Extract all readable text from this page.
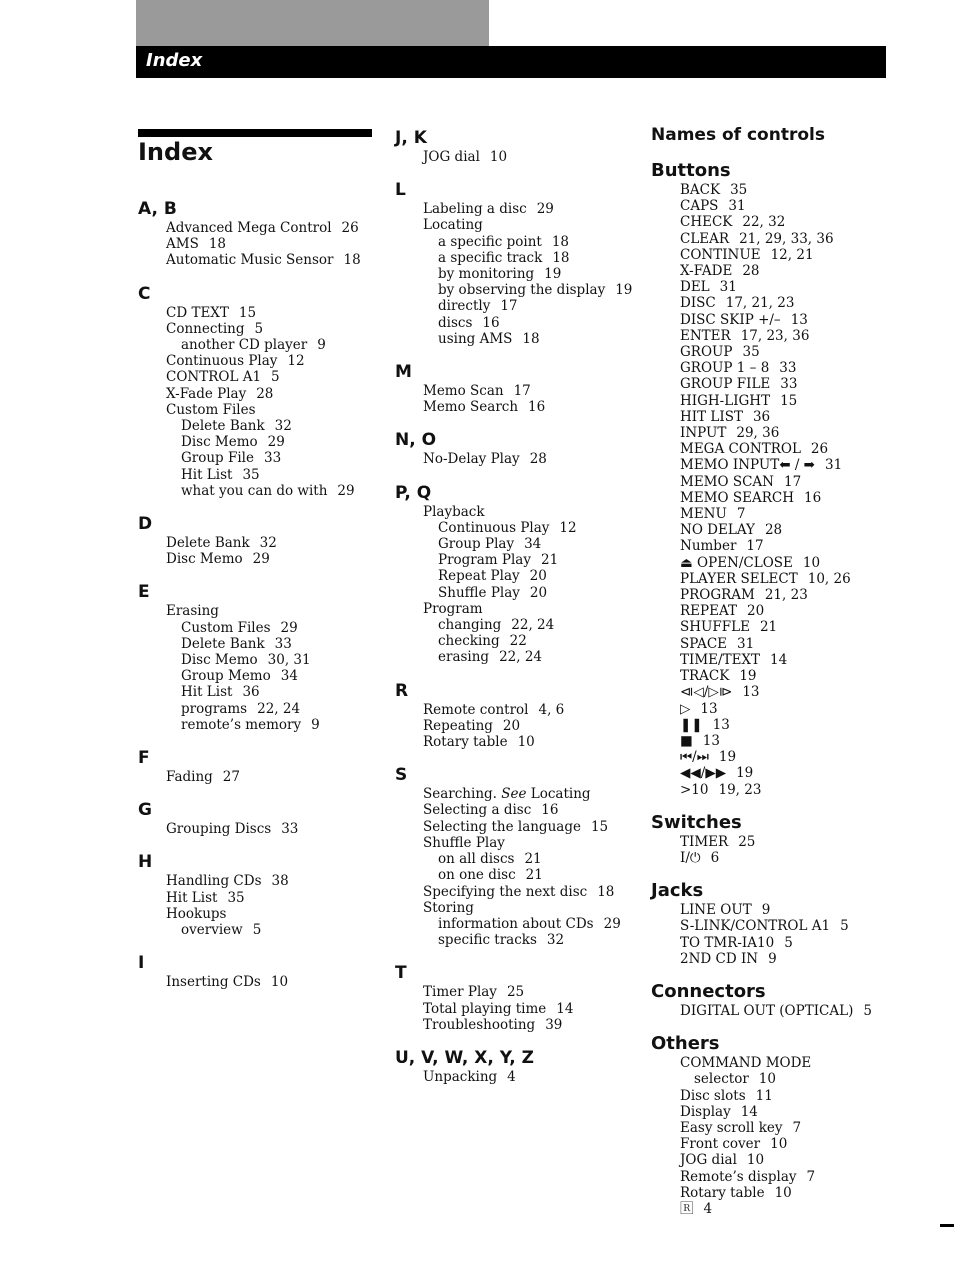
Index
Index
A, B
Advanced Mega Control 26
AMS 18
Automatic Music Sensor 18
C
CD TEXT 15
Connecting 5
another CD player 9
Continuous Play 12
CONTROL A1 5
X-Fade Play 28
Custom Files
Delete Bank 32
Disc Memo 29
Group File 33
Hit List 35
what you can do with 29
D
Delete Bank 32
Disc Memo 29
E
Erasing
Custom Files 29
Delete Bank 33
Disc Memo 30, 31
Group Memo 34
Hit List 36
programs 22, 24
remote’s memory 9
F
Fading 27
G
Grouping Discs 33
H
Handling CDs 38
Hit List 35
Hookups
overview 5
I
Inserting CDs 10
J, K
JOG dial 10
L
Labeling a disc 29
Locating
a specific point 18
a specific track 18
by monitoring 19
by observing the display 19
directly 17
discs 16
using AMS 18
M
Memo Scan 17
Memo Search 16
N, O
No-Delay Play 28
P, Q
Playback
Continuous Play 12
Group Play 34
Program Play 21
Repeat Play 20
Shuffle Play 20
Program
changing 22, 24
checking 22
erasing 22, 24
R
Remote control 4, 6
Repeating 20
Rotary table 10
S
Searching. See Locating
Selecting a disc 16
Selecting the language 15
Shuffle Play
on all discs 21
on one disc 21
Specifying the next disc 18
Storing
information about CDs 29
specific tracks 32
T
Timer Play 25
Total playing time 14
Troubleshooting 39
U, V, W, X, Y, Z
Unpacking 4
Names of controls
Buttons
BACK 35
CAPS 31
CHECK 22, 32
CLEAR 21, 29, 33, 36
CONTINUE 12, 21
X-FADE 28
DEL 31
DISC 17, 21, 23
DISC SKIP +/– 13
ENTER 17, 23, 36
GROUP 35
GROUP 1 – 8 33
GROUP FILE 33
HIGH-LIGHT 15
HIT LIST 36
INPUT 29, 36
MEGA CONTROL 26
MEMO INPUT⬅ / ➡ 31
MEMO SCAN 17
MEMO SEARCH 16
MENU 7
NO DELAY 28
Number 17
⏏ OPEN/CLOSE 10
PLAYER SELECT 10, 26
PROGRAM 21, 23
REPEAT 20
SHUFFLE 21
SPACE 31
TIME/TEXT 14
TRACK 19
⧏◁/▷⧐ 13
▷ 13
❚❚ 13
■ 13
⏮/⏭ 19
◀◀/▶▶ 19
>10 19, 23
Switches
TIMER 25
I/⏻ 6
Jacks
LINE OUT 9
S-LINK/CONTROL A1 5
TO TMR-IA10 5
2ND CD IN 9
Connectors
DIGITAL OUT (OPTICAL) 5
Others
COMMAND MODE
selector 10
Disc slots 11
Display 14
Easy scroll key 7
Front cover 10
JOG dial 10
Remote’s display 7
Rotary table 10
🅁 4
